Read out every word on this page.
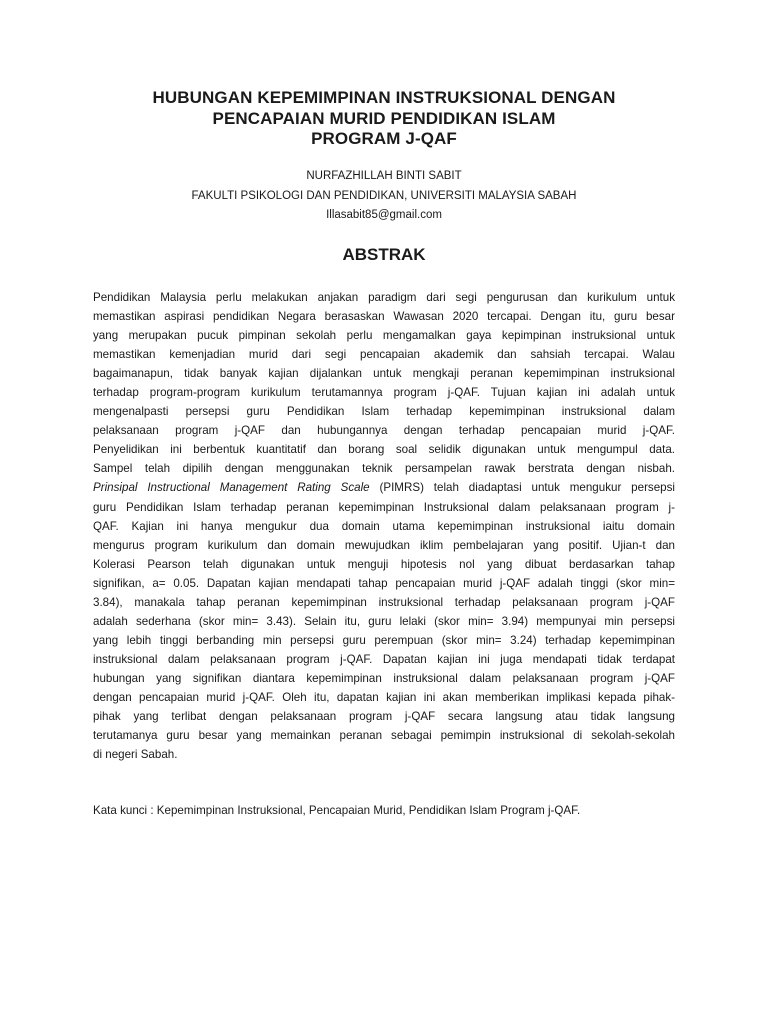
HUBUNGAN KEPEMIMPINAN INSTRUKSIONAL DENGAN
PENCAPAIAN MURID PENDIDIKAN ISLAM
PROGRAM J-QAF
NURFAZHILLAH BINTI SABIT
FAKULTI PSIKOLOGI DAN PENDIDIKAN, UNIVERSITI MALAYSIA SABAH
Illasabit85@gmail.com
ABSTRAK
Pendidikan Malaysia perlu melakukan anjakan paradigm dari segi pengurusan dan kurikulum untuk
memastikan aspirasi pendidikan Negara berasaskan Wawasan 2020 tercapai. Dengan itu, guru besar
yang merupakan pucuk pimpinan sekolah perlu mengamalkan gaya kepimpinan instruksional untuk
memastikan kemenjadian murid dari segi pencapaian akademik dan sahsiah tercapai. Walau
bagaimanapun, tidak banyak kajian dijalankan untuk mengkaji peranan kepemimpinan instruksional
terhadap program-program kurikulum terutamannya program j-QAF. Tujuan kajian ini adalah untuk
mengenalpasti persepsi guru Pendidikan Islam terhadap kepemimpinan instruksional dalam
pelaksanaan program j-QAF dan hubungannya dengan terhadap pencapaian murid j-QAF.
Penyelidikan ini berbentuk kuantitatif dan borang soal selidik digunakan untuk mengumpul data.
Sampel telah dipilih dengan menggunakan teknik persampelan rawak berstrata dengan nisbah.
Prinsipal Instructional Management Rating Scale (PIMRS) telah diadaptasi untuk mengukur persepsi
guru Pendidikan Islam terhadap peranan kepemimpinan Instruksional dalam pelaksanaan program j-
QAF. Kajian ini hanya mengukur dua domain utama kepemimpinan instruksional iaitu domain
mengurus program kurikulum dan domain mewujudkan iklim pembelajaran yang positif. Ujian-t dan
Kolerasi Pearson telah digunakan untuk menguji hipotesis nol yang dibuat berdasarkan tahap
signifikan, a= 0.05. Dapatan kajian mendapati tahap pencapaian murid j-QAF adalah tinggi (skor min=
3.84), manakala tahap peranan kepemimpinan instruksional terhadap pelaksanaan program j-QAF
adalah sederhana (skor min= 3.43). Selain itu, guru lelaki (skor min= 3.94) mempunyai min persepsi
yang lebih tinggi berbanding min persepsi guru perempuan (skor min= 3.24) terhadap kepemimpinan
instruksional dalam pelaksanaan program j-QAF. Dapatan kajian ini juga mendapati tidak terdapat
hubungan yang signifikan diantara kepemimpinan instruksional dalam pelaksanaan program j-QAF
dengan pencapaian murid j-QAF. Oleh itu, dapatan kajian ini akan memberikan implikasi kepada pihak-
pihak yang terlibat dengan pelaksanaan program j-QAF secara langsung atau tidak langsung
terutamanya guru besar yang memainkan peranan sebagai pemimpin instruksional di sekolah-sekolah
di negeri Sabah.
Kata kunci : Kepemimpinan Instruksional, Pencapaian Murid, Pendidikan Islam Program j-QAF.
